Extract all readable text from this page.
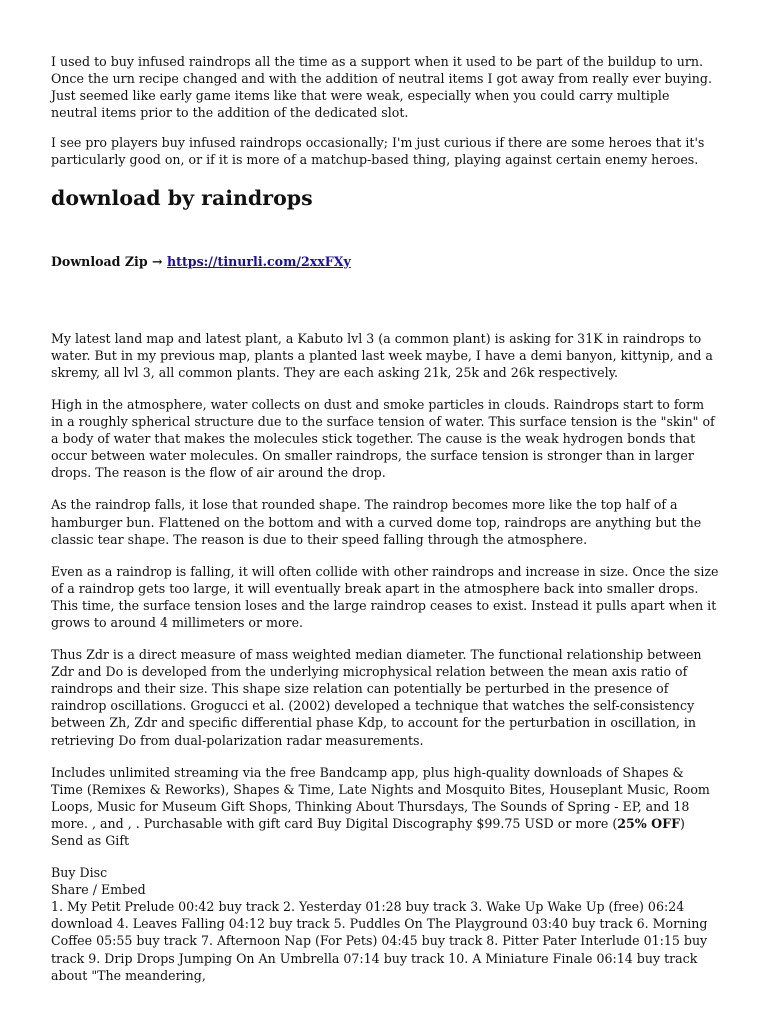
I used to buy infused raindrops all the time as a support when it used to be part of the buildup to urn. Once the urn recipe changed and with the addition of neutral items I got away from really ever buying. Just seemed like early game items like that were weak, especially when you could carry multiple neutral items prior to the addition of the dedicated slot.

I see pro players buy infused raindrops occasionally; I'm just curious if there are some heroes that it's particularly good on, or if it is more of a matchup-based thing, playing against certain enemy heroes.

download by raindrops

Download Zip → https://tinurli.com/2xxFXy

My latest land map and latest plant, a Kabuto lvl 3 (a common plant) is asking for 31K in raindrops to water. But in my previous map, plants a planted last week maybe, I have a demi banyon, kittynip, and a skremy, all lvl 3, all common plants. They are each asking 21k, 25k and 26k respectively.

High in the atmosphere, water collects on dust and smoke particles in clouds. Raindrops start to form in a roughly spherical structure due to the surface tension of water. This surface tension is the "skin" of a body of water that makes the molecules stick together. The cause is the weak hydrogen bonds that occur between water molecules. On smaller raindrops, the surface tension is stronger than in larger drops. The reason is the flow of air around the drop.

As the raindrop falls, it lose that rounded shape. The raindrop becomes more like the top half of a hamburger bun. Flattened on the bottom and with a curved dome top, raindrops are anything but the classic tear shape. The reason is due to their speed falling through the atmosphere.

Even as a raindrop is falling, it will often collide with other raindrops and increase in size. Once the size of a raindrop gets too large, it will eventually break apart in the atmosphere back into smaller drops. This time, the surface tension loses and the large raindrop ceases to exist. Instead it pulls apart when it grows to around 4 millimeters or more.

Thus Zdr is a direct measure of mass weighted median diameter. The functional relationship between Zdr and Do is developed from the underlying microphysical relation between the mean axis ratio of raindrops and their size. This shape size relation can potentially be perturbed in the presence of raindrop oscillations. Grogucci et al. (2002) developed a technique that watches the self-consistency between Zh, Zdr and specific differential phase Kdp, to account for the perturbation in oscillation, in retrieving Do from dual-polarization radar measurements.

Includes unlimited streaming via the free Bandcamp app, plus high-quality downloads of Shapes & Time (Remixes & Reworks), Shapes & Time, Late Nights and Mosquito Bites, Houseplant Music, Room Loops, Music for Museum Gift Shops, Thinking About Thursdays, The Sounds of Spring - EP, and 18 more. , and , . Purchasable with gift card Buy Digital Discography $99.75 USD or more (25% OFF) Send as Gift

Buy Disc

Share / Embed

1. My Petit Prelude 00:42 buy track 2. Yesterday 01:28 buy track 3. Wake Up Wake Up (free) 06:24 download 4. Leaves Falling 04:12 buy track 5. Puddles On The Playground 03:40 buy track 6. Morning Coffee 05:55 buy track 7. Afternoon Nap (For Pets) 04:45 buy track 8. Pitter Pater Interlude 01:15 buy track 9. Drip Drops Jumping On An Umbrella 07:14 buy track 10. A Miniature Finale 06:14 buy track about "The meandering,
